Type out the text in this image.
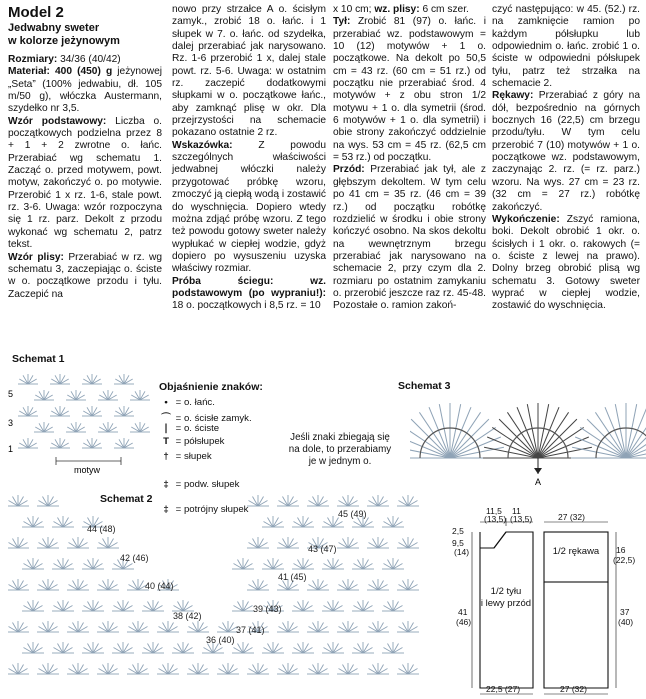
Model 2
Jedwabny sweter
w kolorze jeżynowym

Rozmiary: 34/36 (40/42)

Materiał: 400 (450) g jeżynowej „Seta” (100% jedwabiu, dł. 105 m/50 g), włóczka Austermann, szydełko nr 3,5.

Wzór podstawowy: Liczba o. początkowych podzielna przez 8 + 1 + 2 zwrotne o. łańc. Przerabiać wg schematu 1. Zacząć o. przed motywem, powt. motyw, zakończyć o. po motywie. Przerobić 1 x rz. 1-6, stale powt. rz. 3-6. Uwaga: wzór rozpoczyna się 1 rz. parz. Dekolt z przodu wykonać wg schematu 2, patrz tekst.

Wzór plisy: Przerabiać w rz. wg schematu 3, zaczepiając o. ściste w o. początkowe przodu i tyłu. Zaczepić na

nowo przy strzałce A o. ścisłym zamyk., zrobić 18 o. łańc. i 1 słupek w 7. o. łańc. od szydełka, dalej przerabiać jak narysowano. Rz. 1-6 przerobić 1 x, dalej stale powt. rz. 5-6. Uwaga: w ostatnim rz. zaczepić dodatkowymi słupkami w o. początkowe łańc., aby zamknąć plisę w okr. Dla przejrzystości na schemacie pokazano ostatnie 2 rz.

Wskazówka: Z powodu szczególnych właściwości jedwabnej włóczki należy przygotować próbkę wzoru, zmoczyć ją ciepłą wodą i zostawić do wyschnięcia. Dopiero wtedy można zdjąć próbę wzoru. Z tego też powodu gotowy sweter należy wypłukać w ciepłej wodzie, gdyż dopiero po wysuszeniu uzyska właściwy rozmiar.

Próba ściegu: wz. podstawowym (po wypraniu!): 18 o. początkowych i 8,5 rz. = 10

x 10 cm; wz. plisy: 6 cm szer.

Tył: Zrobić 81 (97) o. łańc. i przerabiać wz. podstawowym = 10 (12) motywów + 1 o. początkowe. Na dekolt po 50,5 cm = 43 rz. (60 cm = 51 rz.) od początku nie przerabiać środ. 4 motywów + z obu stron 1/2 motywu + 1 o. dla symetrii (środ. 6 motywów + 1 o. dla symetrii) i obie strony zakończyć oddzielnie na wys. 53 cm = 45 rz. (62,5 cm = 53 rz.) od początku.

Przód: Przerabiać jak tył, ale z głębszym dekoltem. W tym celu po 41 cm = 35 rz. (46 cm = 39 rz.) od początku robótkę rozdzielić w środku i obie strony kończyć osobno. Na skos dekoltu na wewnętrznym brzegu przerabiać jak narysowano na schemacie 2, przy czym dla 2. rozmiaru po ostatnim zamykaniu o. przerobić jeszcze raz rz. 45-48. Pozostałe o. ramion zakoń-

czyć następująco: w 45. (52.) rz. na zamknięcie ramion po każdym półsłupku lub odpowiednim o. łańc. zrobić 1 o. ściste w odpowiedni półsłupek tyłu, patrz też strzałka na schemacie 2.

Rękawy: Przerabiać z góry na dół, bezpośrednio na górnych bocznych 16 (22,5) cm brzegu przodu/tyłu. W tym celu przerobić 7 (10) motywów + 1 o. początkowe wz. podstawowym, zaczynając 2. rz. (= rz. parz.) wzoru. Na wys. 27 cm = 23 rz. (32 cm = 27 rz.) robótkę zakończyć.

Wykończenie: Zszyć ramiona, boki. Dekolt obrobić 1 okr. o. ścisłych i 1 okr. o. rakowych (= o. ściste z lewej na prawo). Dolny brzeg obrobić plisą wg schematu 3. Gotowy sweter wyprać w ciepłej wodzie, zostawić do wyschnięcia.

Schemat 1
5
3
1
motyw
Objaśnienie znaków:
• = o. łańc.
⌒ = o. ścisłe zamyk.
∣ = o. ściste
T = półsłupek
† = słupek
‡ = podw. słupek
‡ = potrójny słupek
Jeśli znaki zbiegają się na dole, to przerabiamy je w jednym o.
Schemat 3
A
Schemat 2
44 (48)
42 (46)
40 (44)
38 (42)
36 (40)
37 (41)
39 (43)
41 (45)
43 (47)
45 (49)	11,5
(13,5)
11
(13,5)	27 (32)
2,5
9,5
(14)
41
(46)
16
(22,5)
37
(40)
22,5 (27)	27 (32)
1/2 tyłu
i lewy przód
1/2 rękawa
